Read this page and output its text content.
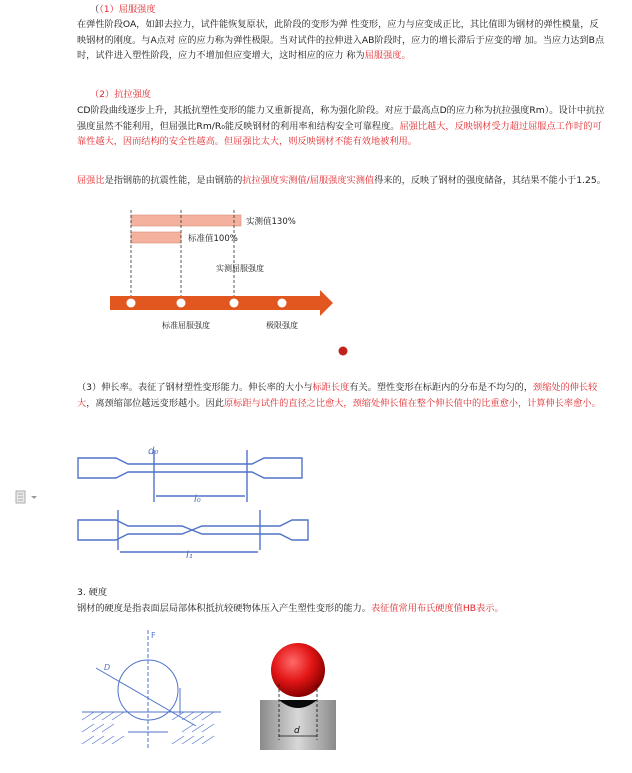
（（1）屈服强度
在弹性阶段OA，如卸去拉力，试件能恢复原状，此阶段的变形为弹 性变形，应力与应变成正比，其比值即为钢材的弹性模量，反映钢材的刚度。与A点对 应的应力称为弹性极限。当对试件的拉伸进入AB阶段时，应力的增长滞后于应变的增 加。当应力达到B点时，试件进入塑性阶段，应力不增加但应变增大，这时相应的应力 称为屈服强度。
（2）抗拉强度
CD阶段曲线逐步上升，其抵抗塑性变形的能力又重新提高，称为强化阶段。对应于最高点D的应力称为抗拉强度Rm）。设计中抗拉强度虽然不能利用，但屈强比Rm/R₀能反映钢材的利用率和结构安全可靠程度。屈强比越大，反映钢材受力超过屈服点工作时的可靠性越大，因而结构的安全性越高。但屈强比太大，则反映钢材不能有效地被利用。
屈强比是指钢筋的抗震性能，是由钢筋的抗拉强度实测值/屈服强度实测值得来的，反映了钢材的强度储备，其结果不能小于1.25。
实测值130%
标准值100%
实测屈服强度
标准屈服强度	极限强度
（3）伸长率。表征了钢材塑性变形能力。伸长率的大小与标距长度有关。塑性变形在标距内的分布是不均匀的，颈缩处的伸长较大，离颈缩部位越远变形越小。因此原标距与试件的直径之比愈大，颈缩处伸长值在整个伸长值中的比重愈小，计算伸长率愈小。
d₀
l₀
l₁
3. 硬度
钢材的硬度是指表面层局部体积抵抗较硬物体压入产生塑性变形的能力。表征值常用布氏硬度值HB表示。
F
D
d
